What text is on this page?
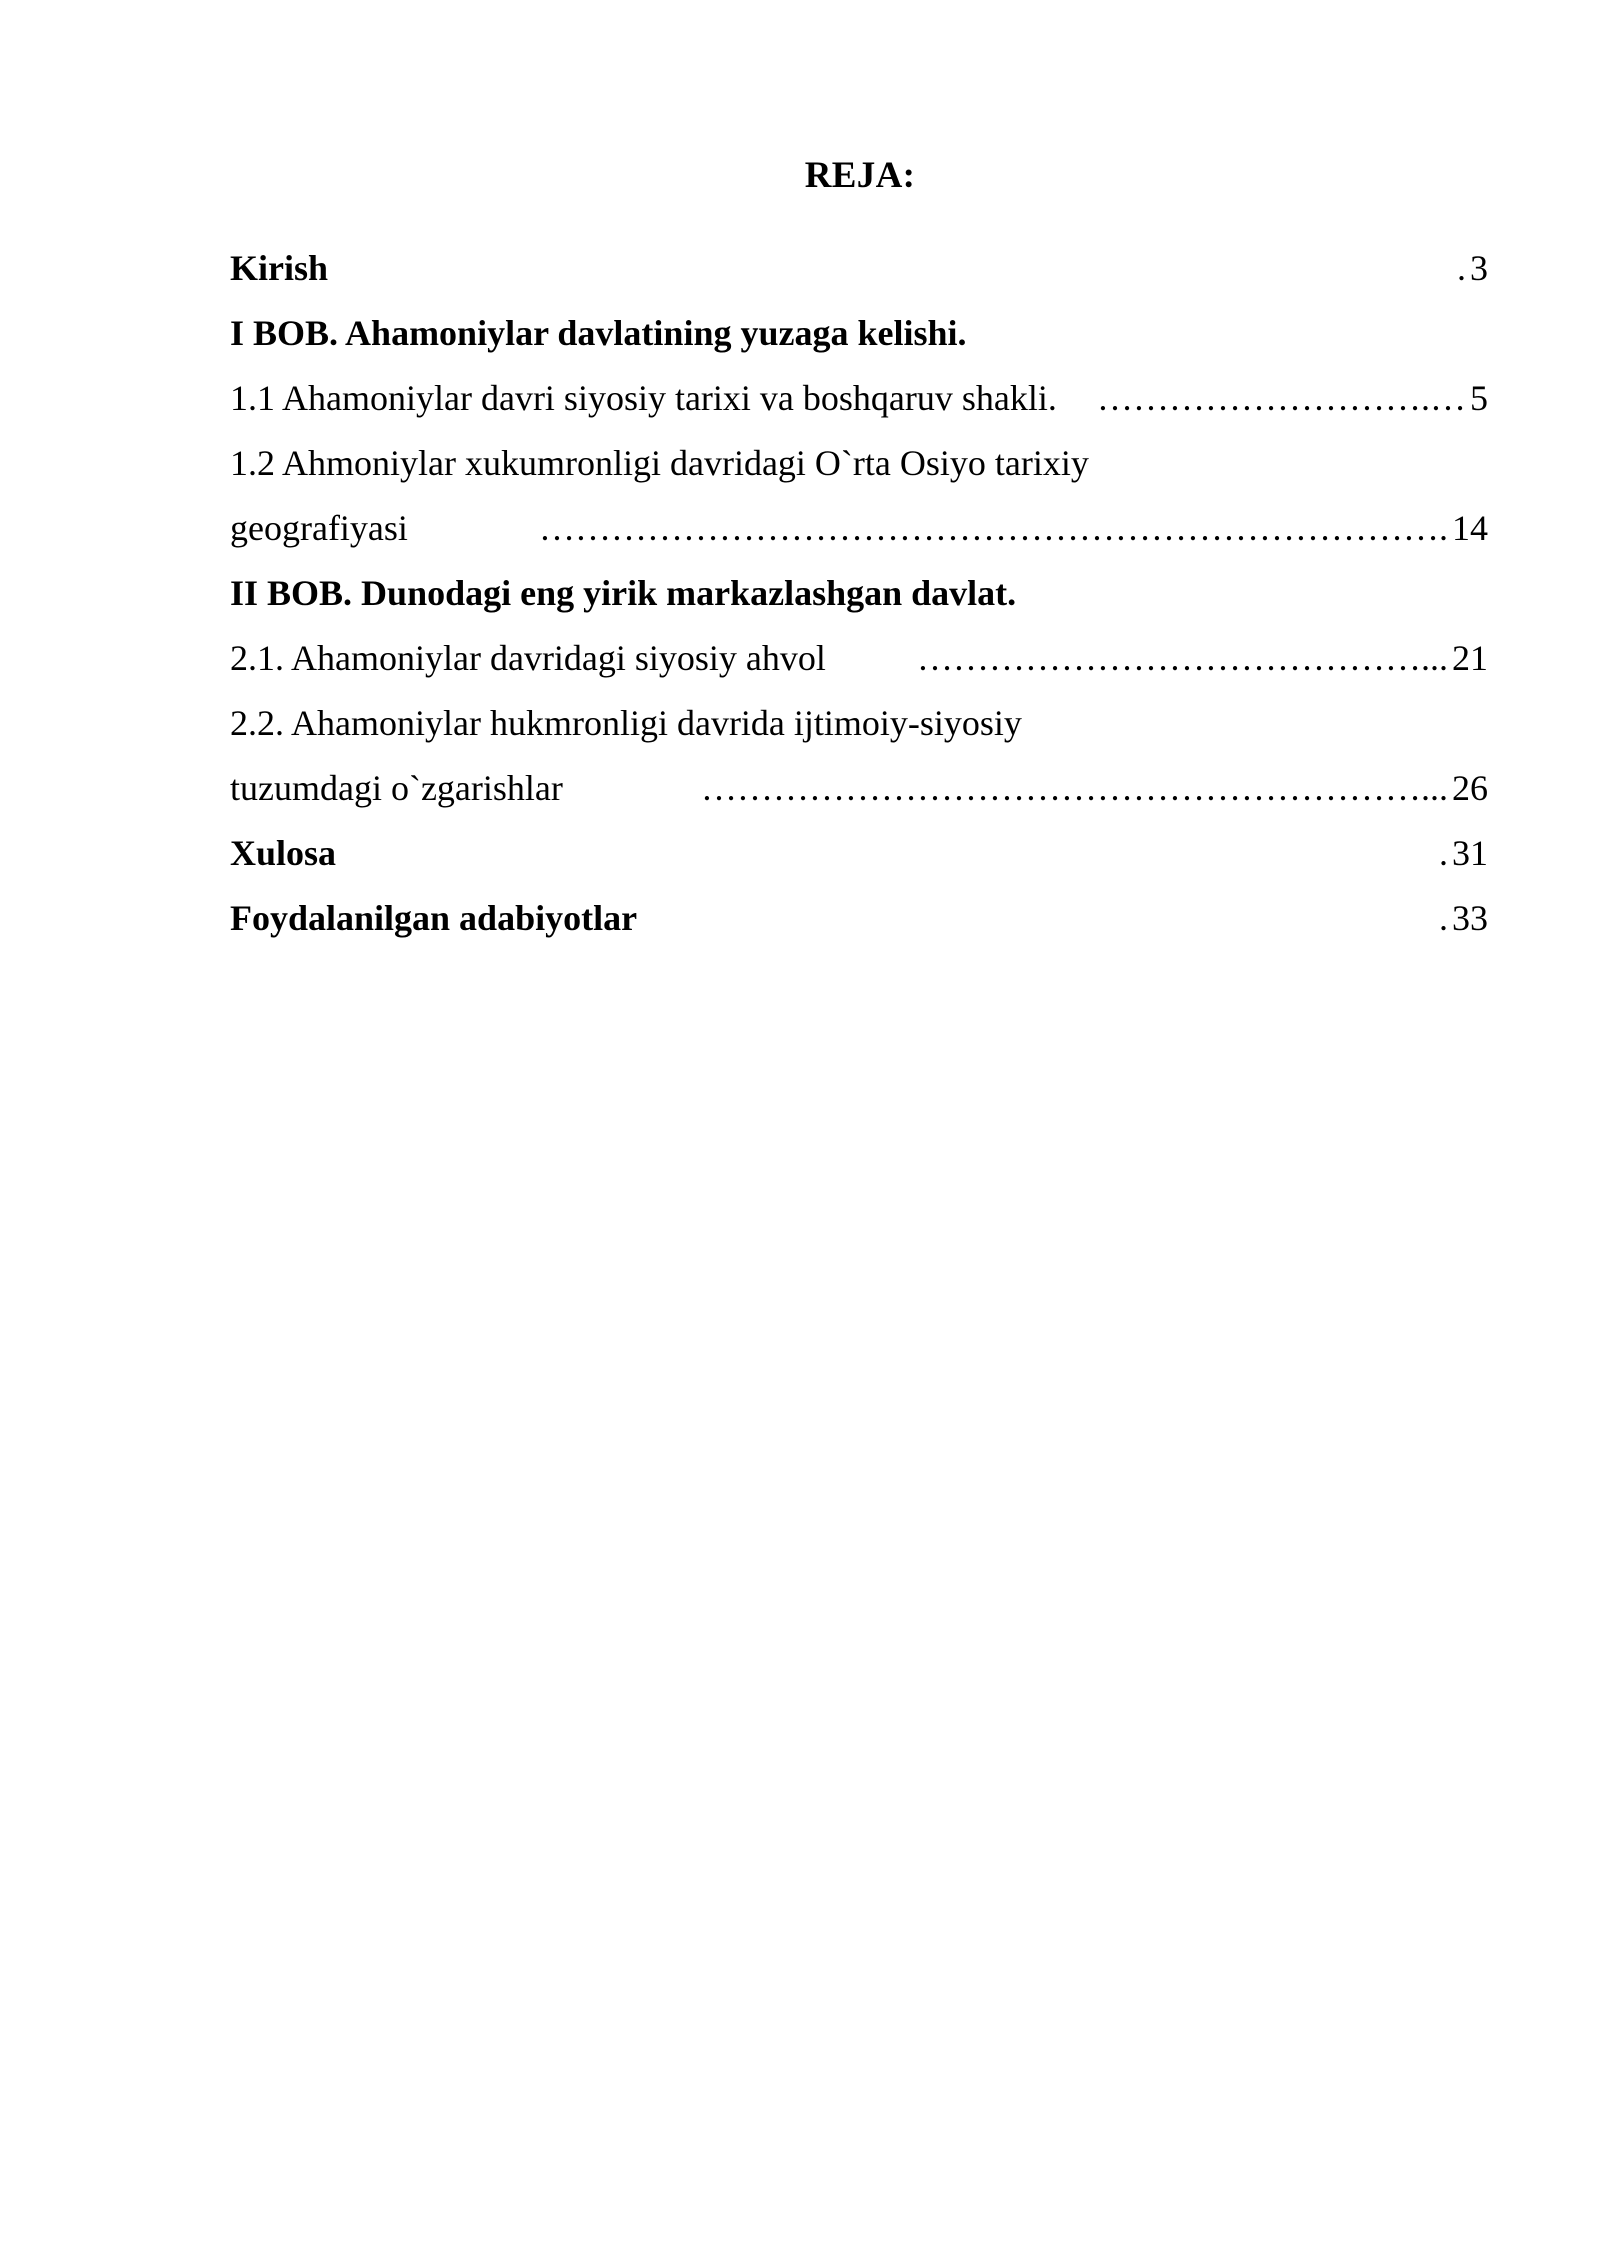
REJA:
Kirish	. 3
I BOB. Ahamoniylar davlatining yuzaga kelishi.
1.1 Ahamoniylar davri siyosiy tarixi va boshqaruv shakli.	……………………….… 5
1.2 Ahmoniylar xukumronligi davridagi O`rta Osiyo tarixiy
geografiyasi	…………………………………………………………………. 14
II BOB. Dunodagi eng yirik markazlashgan davlat.
2.1. Ahamoniylar davridagi siyosiy ahvol	……………………………………... 21
2.2. Ahamoniylar hukmronligi davrida ijtimoiy-siyosiy
tuzumdagi o`zgarishlar	……………………………………………………... 26
Xulosa	. 31
Foydalanilgan adabiyotlar	. 33
